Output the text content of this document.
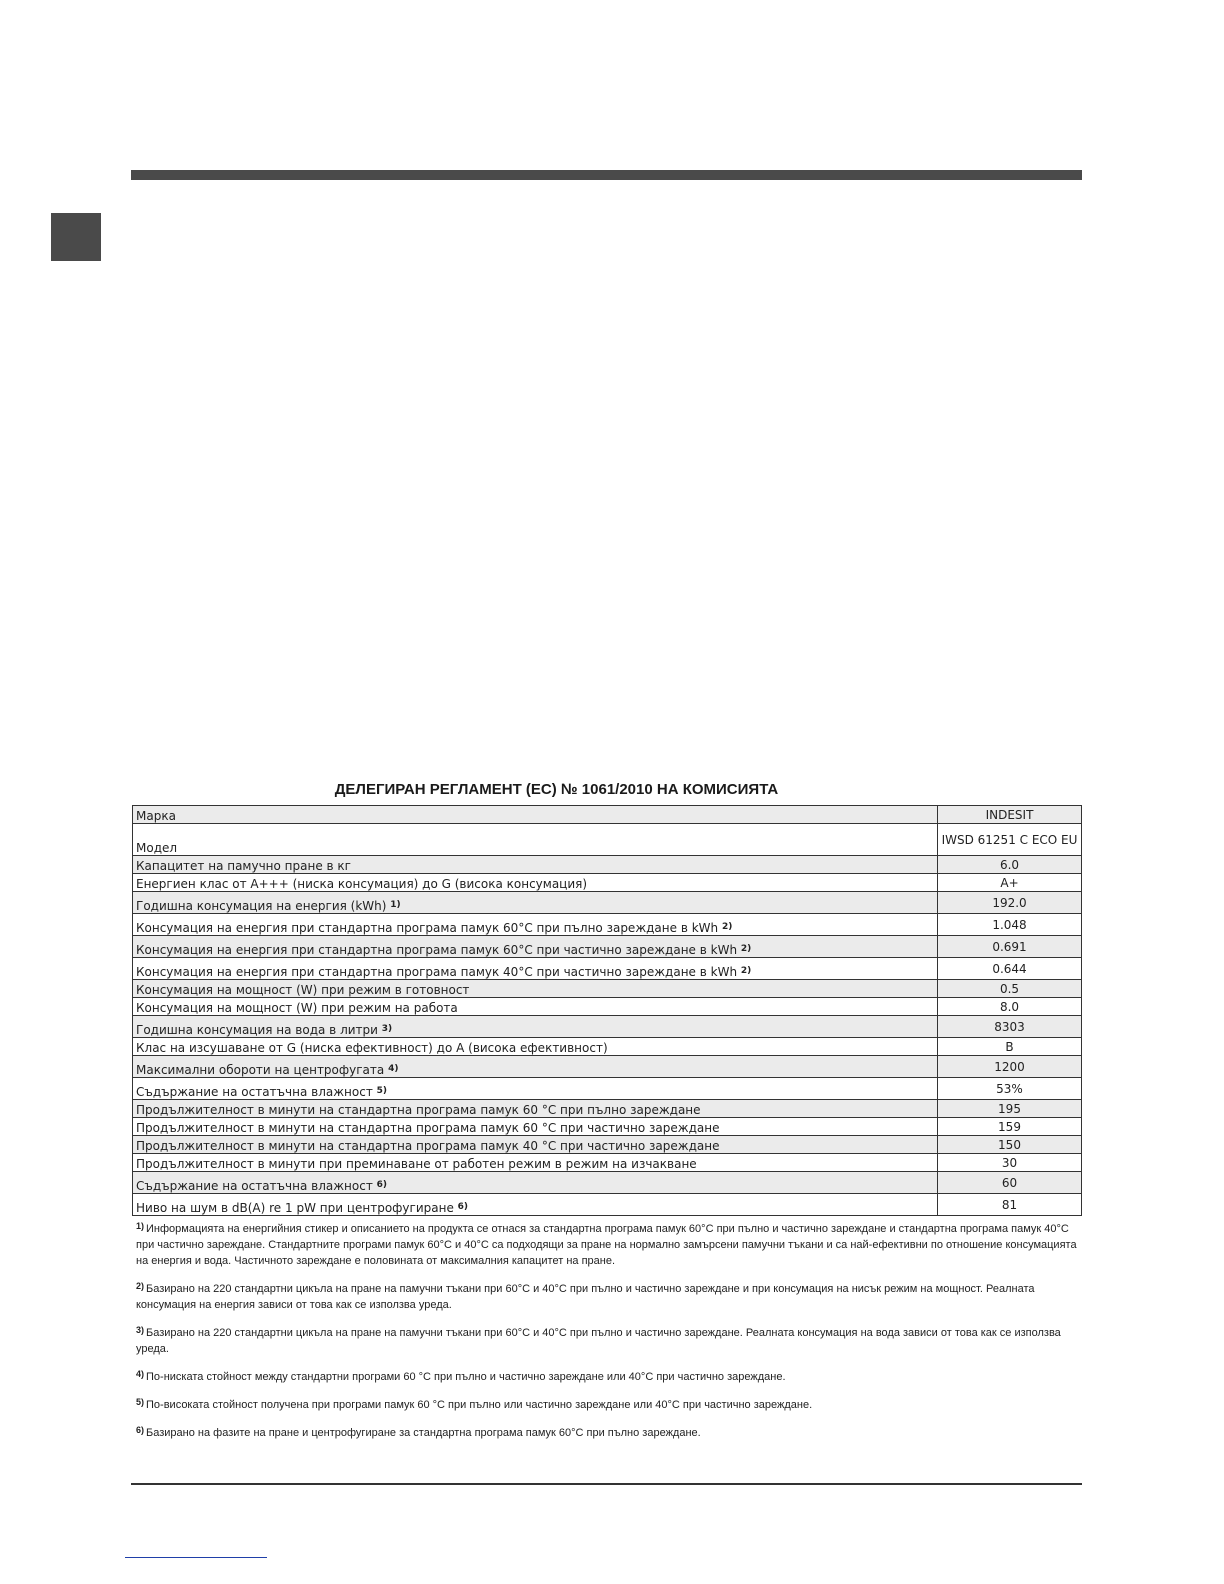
ДЕЛЕГИРАН РЕГЛАМЕНТ (ЕС) № 1061/2010 НА КОМИСИЯТА
Марка	INDESIT
Модел	IWSD 61251 C ECO EU
Капацитет на памучно пране в кг	6.0
Енергиен клас от А+++ (ниска консумация) до G (висока консумация)	A+
Годишна консумация на енергия (kWh) $^{1)}$	192.0
Консумация на енергия при стандартна програма памук 60°C при пълно зареждане в kWh $^{2)}$	1.048
Консумация на енергия при стандартна програма памук 60°C при частично зареждане в kWh $^{2)}$	0.691
Консумация на енергия при стандартна програма памук 40°C при частично зареждане в kWh $^{2)}$	0.644
Консумация на мощност (W) при режим в готовност	0.5
Консумация на мощност (W) при режим на работа	8.0
Годишна консумация на вода в литри $^{3)}$	8303
Клас на изсушаване от G (ниска ефективност) до А (висока ефективност)	B
Максимални обороти на центрофугата $^{4)}$	1200
Съдържание на остатъчна влажност $^{5)}$	53%
Продължителност в минути на стандартна програма памук 60 °C при пълно зареждане	195
Продължителност в минути на стандартна програма памук 60 °C при частично зареждане	159
Продължителност в минути на стандартна програма памук 40 °C при частично зареждане	150
Продължителност в минути при преминаване от работен режим в режим на изчакване	30
Съдържание на остатъчна влажност $^{6)}$	60
Ниво на шум в dB(A) re 1 pW при центрофугиране $^{6)}$	81
$^{1)}$ Информацията на енергийния стикер и описанието на продукта се отнася за стандартна програма памук 60°C при пълно и частично зареждане и стандартна програма памук 40°C при частично зареждане. Стандартните програми памук 60°C и 40°C са подходящи за пране на нормално замърсени памучни тъкани и са най-ефективни по отношение консумацията на енергия и вода. Частичното зареждане е половината от максималния капацитет на пране.
$^{2)}$ Базирано на 220 стандартни цикъла на пране на памучни тъкани при 60°C и 40°C при пълно и частично зареждане и при консумация на нисък режим на мощност. Реалната консумация на енергия зависи от това как се използва уреда.
$^{3)}$ Базирано на 220 стандартни цикъла на пране на памучни тъкани при 60°C и 40°C при пълно и частично зареждане. Реалната консумация на вода зависи от това как се използва уреда.
$^{4)}$ По-ниската стойност между стандартни програми 60 °C при пълно и частично зареждане или 40°C при частично зареждане.
$^{5)}$ По-високата стойност получена при програми памук 60 °C при пълно или частично зареждане или 40°C при частично зареждане.
$^{6)}$ Базирано на фазите на пране и центрофугиране за стандартна програма памук 60°C при пълно зареждане.
